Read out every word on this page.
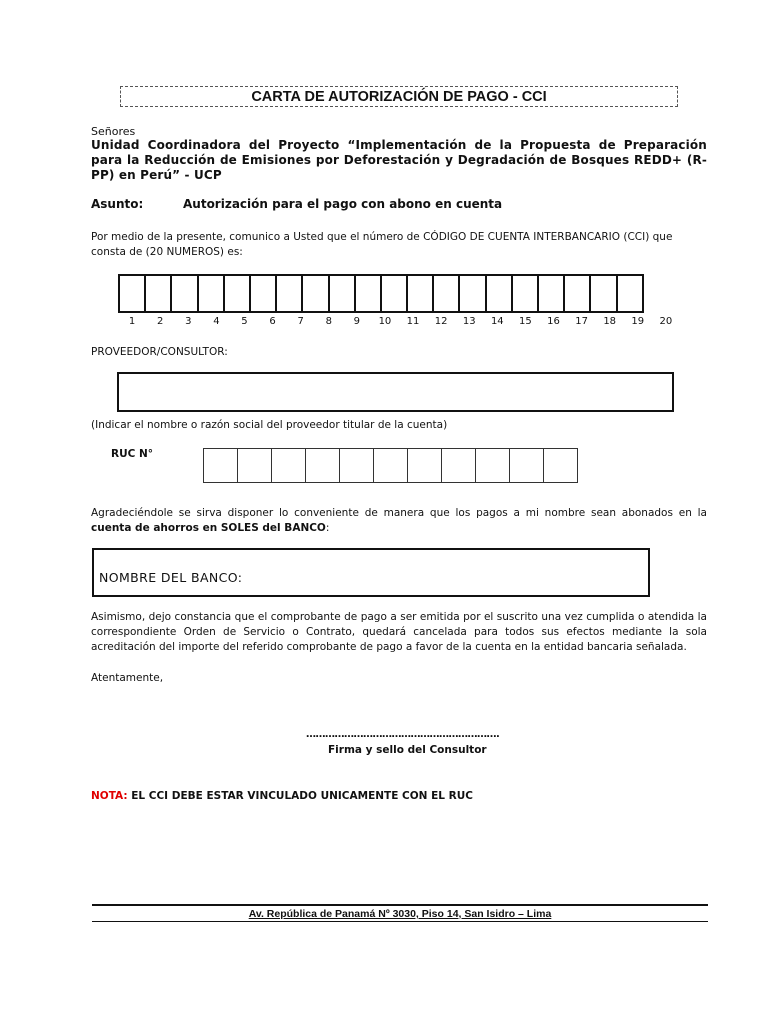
CARTA DE AUTORIZACIÓN DE PAGO - CCI
Señores
Unidad Coordinadora del Proyecto “Implementación de la Propuesta de Preparación para la Reducción de Emisiones por Deforestación y Degradación de Bosques REDD+ (R-PP) en Perú” - UCP
Asunto:	Autorización para el pago con abono en cuenta
Por medio de la presente, comunico a Usted que el número de CÓDIGO DE CUENTA INTERBANCARIO (CCI) que consta de (20 NUMEROS) es:
1	2	3	4	5	6	7	8	9	10	11	12	13	14	15	16	17	18	19	20
PROVEEDOR/CONSULTOR:
(Indicar el nombre o razón social del proveedor titular de la cuenta)
RUC N°
Agradeciéndole se sirva disponer lo conveniente de manera que los pagos a mi nombre sean abonados en la cuenta de ahorros en SOLES del BANCO:
NOMBRE DEL BANCO:
Asimismo, dejo constancia que el comprobante de pago a ser emitida por el suscrito una vez cumplida o atendida la correspondiente Orden de Servicio o Contrato, quedará cancelada para todos sus efectos mediante la sola acreditación del importe del referido comprobante de pago a favor de la cuenta en la entidad bancaria señalada.
Atentamente,
…………………………………………………….
Firma y sello del Consultor
NOTA: EL CCI DEBE ESTAR VINCULADO UNICAMENTE CON EL RUC
Av. República de Panamá Nº 3030, Piso 14, San Isidro – Lima
